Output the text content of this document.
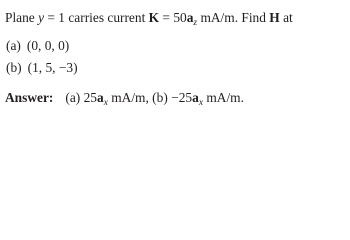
Plane y = 1 carries current $K = 50a_z$ mA/m. Find H at
(a) (0, 0, 0)
(b) (1, 5, −3)
Answer: (a) $25a_x$ mA/m, $(b) -25a_x$ mA/m.
